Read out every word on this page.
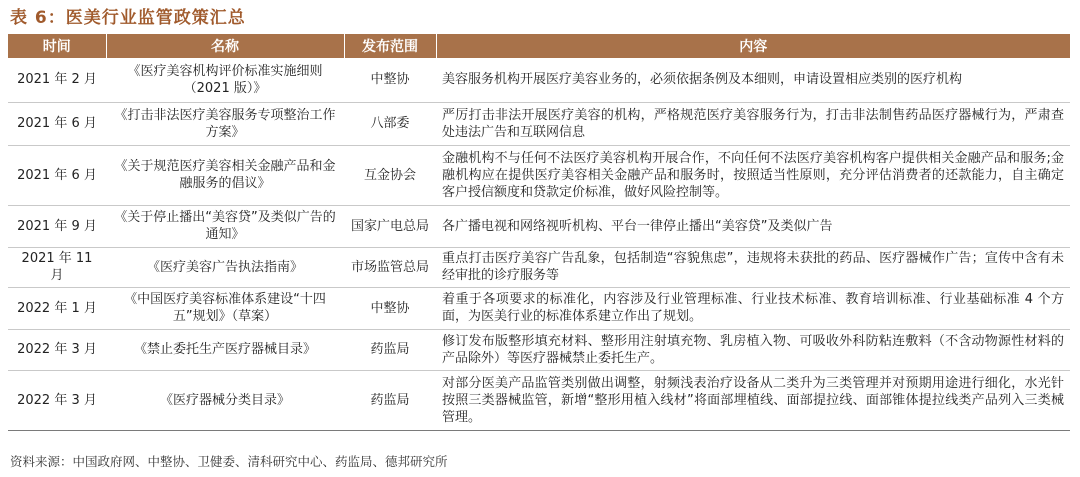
表 6：医美行业监管政策汇总
时间	名称	发布范围	内容
2021 年 2 月	《医疗美容机构评价标准实施细则（2021 版）》	中整协	美容服务机构开展医疗美容业务的，必须依据条例及本细则，申请设置相应类别的医疗机构
2021 年 6 月	《打击非法医疗美容服务专项整治工作方案》	八部委	严厉打击非法开展医疗美容的机构，严格规范医疗美容服务行为，打击非法制售药品医疗器械行为，严肃查处违法广告和互联网信息
2021 年 6 月	《关于规范医疗美容相关金融产品和金融服务的倡议》	互金协会	金融机构不与任何不法医疗美容机构开展合作，不向任何不法医疗美容机构客户提供相关金融产品和服务;金融机构应在提供医疗美容相关金融产品和服务时，按照适当性原则，充分评估消费者的还款能力，自主确定客户授信额度和贷款定价标准，做好风险控制等。
2021 年 9 月	《关于停止播出“美容贷”及类似广告的通知》	国家广电总局	各广播电视和网络视听机构、平台一律停止播出“美容贷”及类似广告
2021 年 11 月	《医疗美容广告执法指南》	市场监管总局	重点打击医疗美容广告乱象，包括制造“容貌焦虑”，违规将未获批的药品、医疗器械作广告；宣传中含有未经审批的诊疗服务等
2022 年 1 月	《中国医疗美容标准体系建设“十四五”规划》（草案）	中整协	着重于各项要求的标准化，内容涉及行业管理标准、行业技术标准、教育培训标准、行业基础标准 4 个方面，为医美行业的标准体系建立作出了规划。
2022 年 3 月	《禁止委托生产医疗器械目录》	药监局	修订发布版整形填充材料、整形用注射填充物、乳房植入物、可吸收外科防粘连敷料（不含动物源性材料的产品除外）等医疗器械禁止委托生产。
2022 年 3 月	《医疗器械分类目录》	药监局	对部分医美产品监管类别做出调整，射频浅表治疗设备从二类升为三类管理并对预期用途进行细化，水光针按照三类器械监管，新增“整形用植入线材”将面部埋植线、面部提拉线、面部锥体提拉线类产品列入三类械管理。
资料来源：中国政府网、中整协、卫健委、清科研究中心、药监局、德邦研究所
